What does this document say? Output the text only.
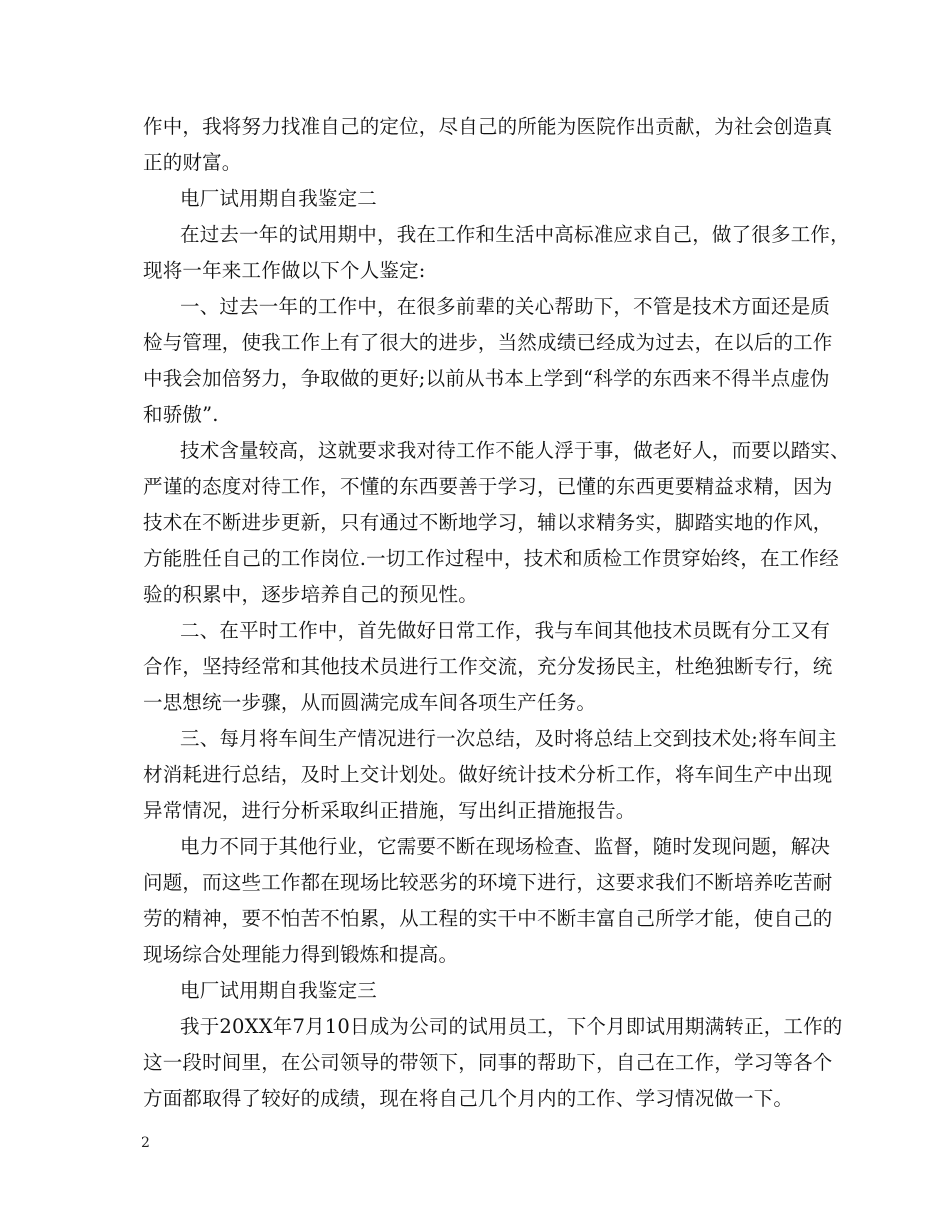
作中，我将努力找准自己的定位，尽自己的所能为医院作出贡献，为社会创造真
正的财富。
电厂试用期自我鉴定二
在过去一年的试用期中，我在工作和生活中高标准应求自己，做了很多工作，
现将一年来工作做以下个人鉴定:
一、过去一年的工作中，在很多前辈的关心帮助下，不管是技术方面还是质
检与管理，使我工作上有了很大的进步，当然成绩已经成为过去，在以后的工作
中我会加倍努力，争取做的更好;以前从书本上学到“科学的东西来不得半点虚伪
和骄傲”.
技术含量较高，这就要求我对待工作不能人浮于事，做老好人，而要以踏实、
严谨的态度对待工作，不懂的东西要善于学习，已懂的东西更要精益求精，因为
技术在不断进步更新，只有通过不断地学习，辅以求精务实，脚踏实地的作风，
方能胜任自己的工作岗位.一切工作过程中，技术和质检工作贯穿始终，在工作经
验的积累中，逐步培养自己的预见性。
二、在平时工作中，首先做好日常工作，我与车间其他技术员既有分工又有
合作，坚持经常和其他技术员进行工作交流，充分发扬民主，杜绝独断专行，统
一思想统一步骤，从而圆满完成车间各项生产任务。
三、每月将车间生产情况进行一次总结，及时将总结上交到技术处;将车间主
材消耗进行总结，及时上交计划处。做好统计技术分析工作，将车间生产中出现
异常情况，进行分析采取纠正措施，写出纠正措施报告。
电力不同于其他行业，它需要不断在现场检查、监督，随时发现问题，解决
问题，而这些工作都在现场比较恶劣的环境下进行，这要求我们不断培养吃苦耐
劳的精神，要不怕苦不怕累，从工程的实干中不断丰富自己所学才能，使自己的
现场综合处理能力得到锻炼和提高。
电厂试用期自我鉴定三
我于20XX年7月10日成为公司的试用员工，下个月即试用期满转正，工作的
这一段时间里，在公司领导的带领下，同事的帮助下，自己在工作，学习等各个
方面都取得了较好的成绩，现在将自己几个月内的工作、学习情况做一下。
2
